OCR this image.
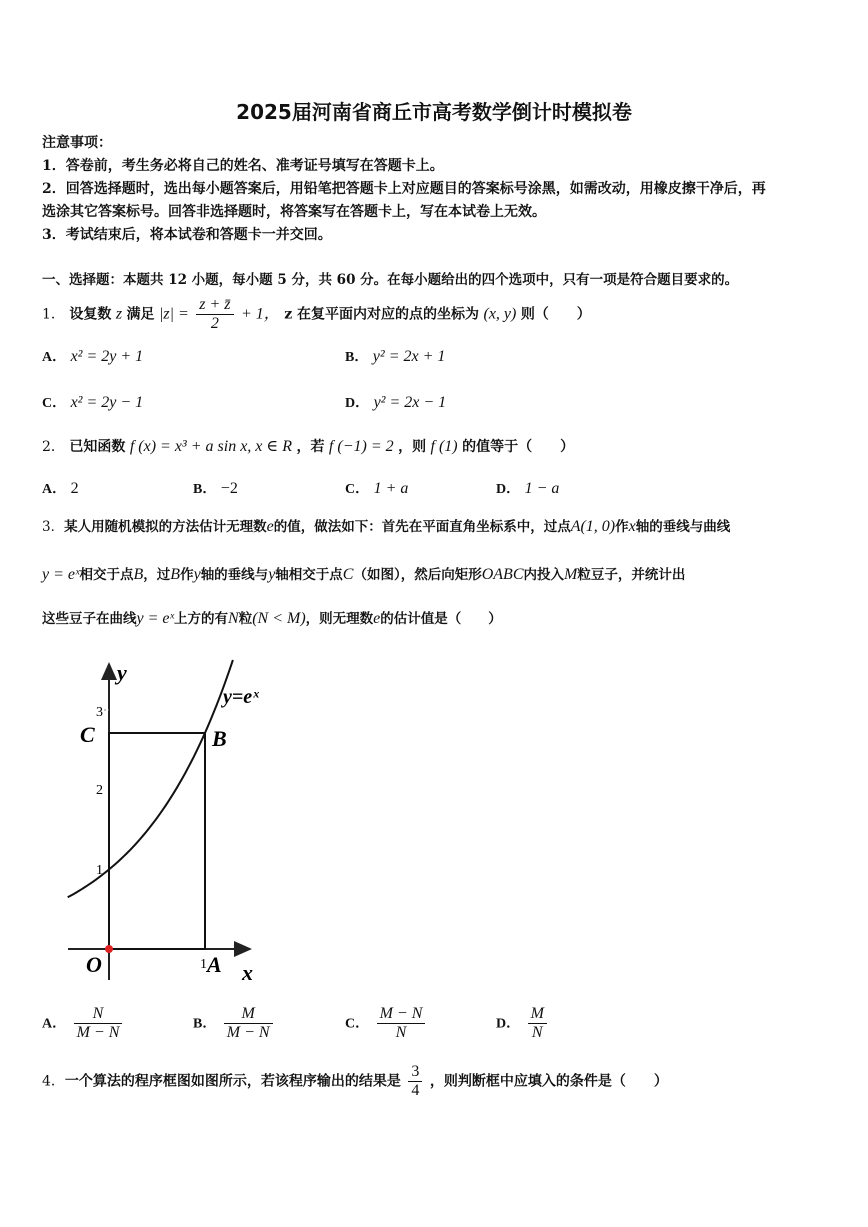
2025届河南省商丘市高考数学倒计时模拟卷
注意事项：
1．答卷前，考生务必将自己的姓名、准考证号填写在答题卡上。
2．回答选择题时，选出每小题答案后，用铅笔把答题卡上对应题目的答案标号涂黑，如需改动，用橡皮擦干净后，再
选涂其它答案标号。回答非选择题时，将答案写在答题卡上，写在本试卷上无效。
3．考试结束后，将本试卷和答题卡一并交回。
一、选择题：本题共 12 小题，每小题 5 分，共 60 分。在每小题给出的四个选项中，只有一项是符合题目要求的。
1． 设复数 z 满足 $|z| = \frac{z + z̄}{2} + 1$， z 在复平面内对应的点的坐标为 (x, y) 则（　　）
A． x² = 2y + 1	B． y² = 2x + 1
C． x² = 2y − 1	D． y² = 2x − 1
2． 已知函数 f (x) = x³ + a sin x, x ∈ R ，若 f (−1) = 2 ，则 f (1) 的值等于（　　）
A． 2	B． −2	C． 1 + a	D． 1 − a
3．某人用随机模拟的方法估计无理数e的值，做法如下：首先在平面直角坐标系中，过点A(1, 0)作x轴的垂线与曲线
y = eˣ相交于点B，过B作y轴的垂线与y轴相交于点C（如图），然后向矩形OABC内投入M粒豆子，并统计出
这些豆子在曲线y = eˣ上方的有N粒(N < M)，则无理数e的估计值是（　　）
y
x
y=eˣ
3
2
1
1
C	B
O	A
A． $\frac{N}{M - N}$	B． $\frac{M}{M - N}$	C． $\frac{M - N}{N}$	D． $\frac{M}{N}$
4．一个算法的程序框图如图所示，若该程序输出的结果是 $\frac{3}{4}$ ，则判断框中应填入的条件是（　　）
